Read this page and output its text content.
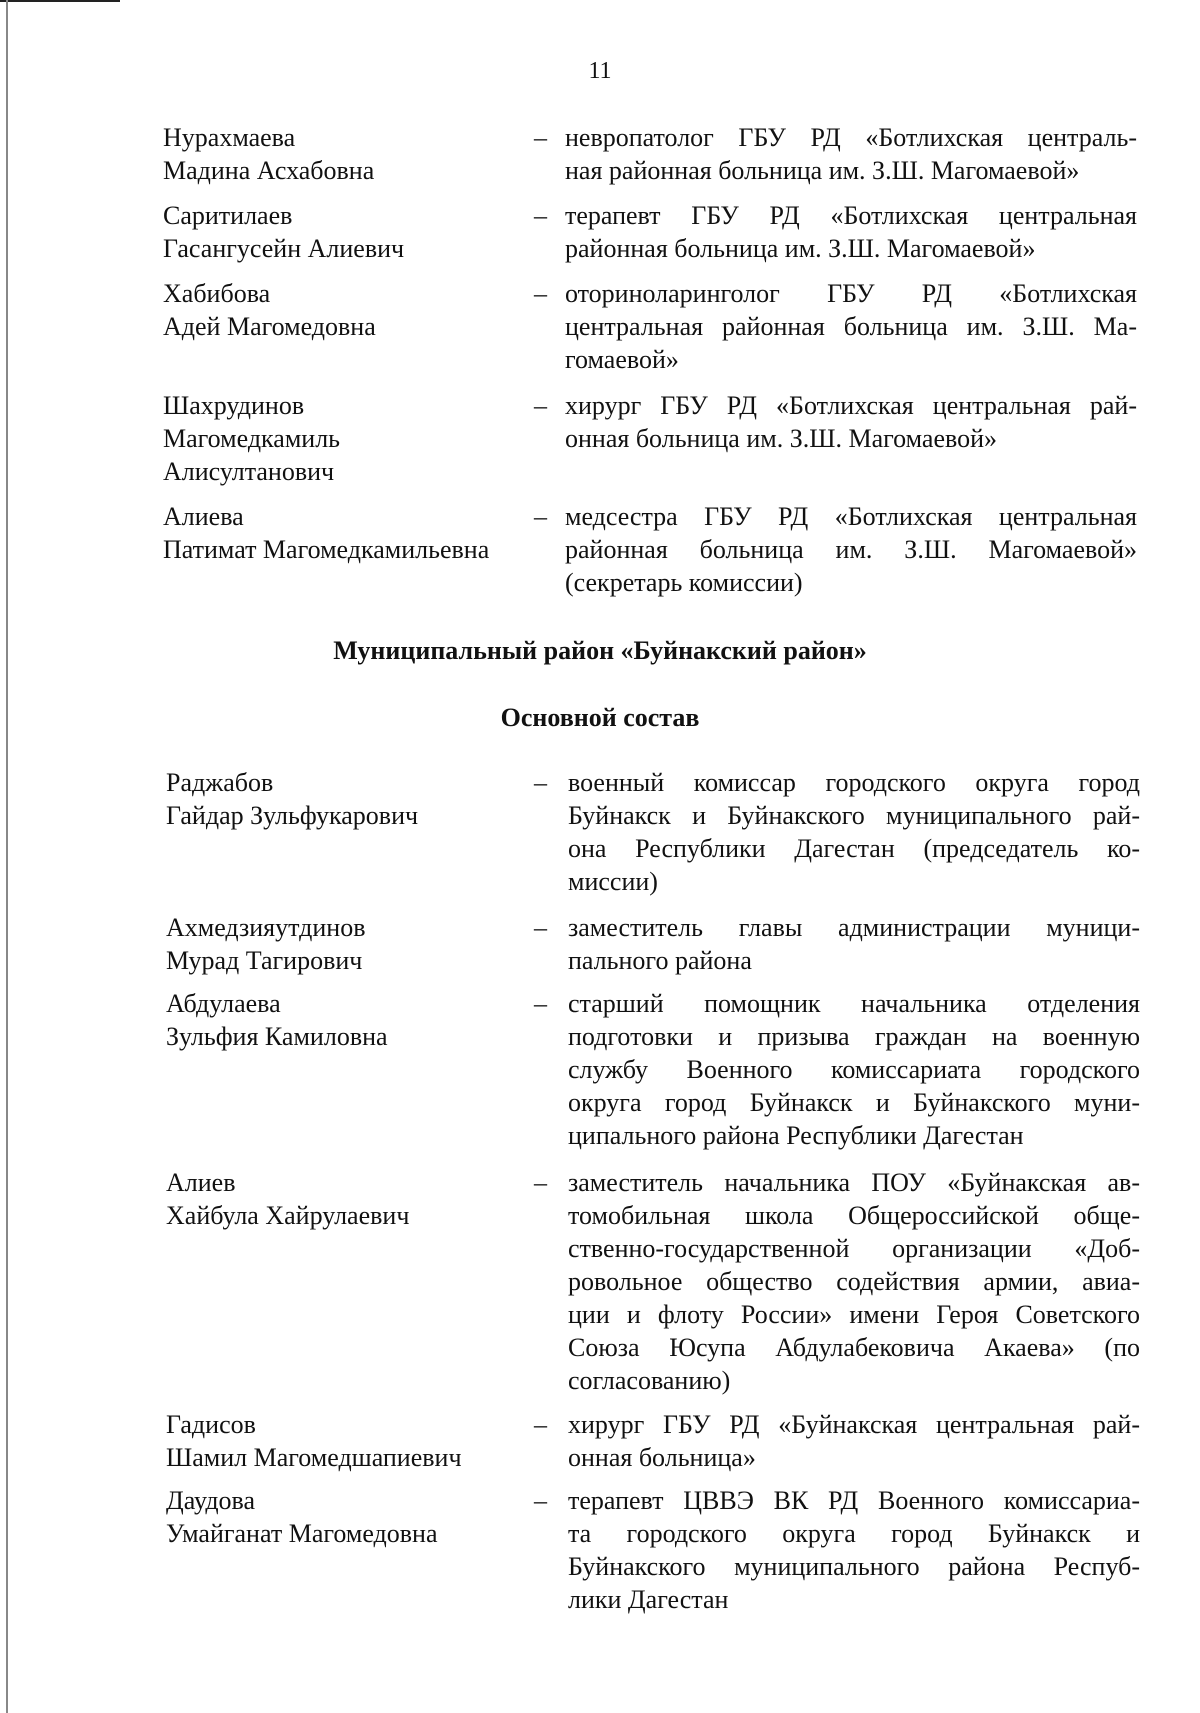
11
Нурахмаева
Мадина Асхабовна
– невропатолог ГБУ РД «Ботлихская централь-
ная районная больница им. З.Ш. Магомаевой»
Саритилаев
Гасангусейн Алиевич
– терапевт ГБУ РД «Ботлихская центральная
районная больница им. З.Ш. Магомаевой»
Хабибова
Адей Магомедовна
– оториноларинголог ГБУ РД «Ботлихская
центральная районная больница им. З.Ш. Ма-
гомаевой»
Шахрудинов
Магомедкамиль
Алисултанович
– хирург ГБУ РД «Ботлихская центральная рай-
онная больница им. З.Ш. Магомаевой»
Алиева
Патимат Магомедкамильевна
– медсестра ГБУ РД «Ботлихская центральная
районная больница им. З.Ш. Магомаевой»
(секретарь комиссии)
Муниципальный район «Буйнакский район»
Основной состав
Раджабов
Гайдар Зульфукарович
– военный комиссар городского округа город
Буйнакск и Буйнакского муниципального рай-
она Республики Дагестан (председатель ко-
миссии)
Ахмедзияутдинов
Мурад Тагирович
– заместитель главы администрации муници-
пального района
Абдулаева
Зульфия Камиловна
– старший помощник начальника отделения
подготовки и призыва граждан на военную
службу Военного комиссариата городского
округа город Буйнакск и Буйнакского муни-
ципального района Республики Дагестан
Алиев
Хайбула Хайрулаевич
– заместитель начальника ПОУ «Буйнакская ав-
томобильная школа Общероссийской обще-
ственно-государственной организации «Доб-
ровольное общество содействия армии, авиа-
ции и флоту России» имени Героя Советского
Союза Юсупа Абдулабековича Акаева» (по
согласованию)
Гадисов
Шамил Магомедшапиевич
– хирург ГБУ РД «Буйнакская центральная рай-
онная больница»
Даудова
Умайганат Магомедовна
– терапевт ЦВВЭ ВК РД Военного комиссариа-
та городского округа город Буйнакск и
Буйнакского муниципального района Респуб-
лики Дагестан
